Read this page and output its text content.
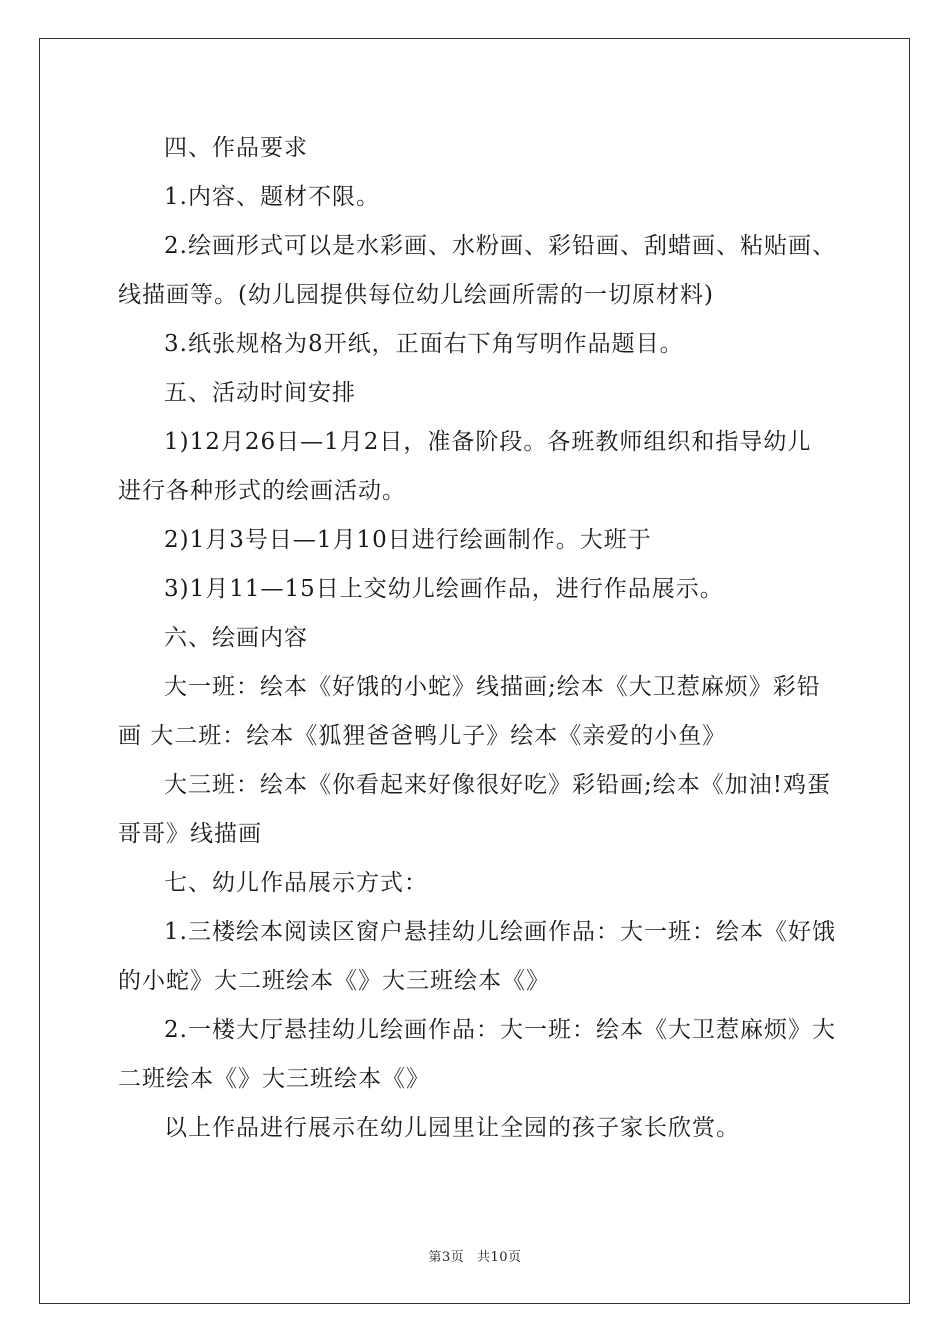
四、作品要求
1.内容、题材不限。
2.绘画形式可以是水彩画、水粉画、彩铅画、刮蜡画、粘贴画、
线描画等。(幼儿园提供每位幼儿绘画所需的一切原材料)
3.纸张规格为8开纸，正面右下角写明作品题目。
五、活动时间安排
1)12月26日—1月2日，准备阶段。各班教师组织和指导幼儿
进行各种形式的绘画活动。
2)1月3号日—1月10日进行绘画制作。大班于
3)1月11—15日上交幼儿绘画作品，进行作品展示。
六、绘画内容
大一班：绘本《好饿的小蛇》线描画;绘本《大卫惹麻烦》彩铅
画 大二班：绘本《狐狸爸爸鸭儿子》绘本《亲爱的小鱼》
大三班：绘本《你看起来好像很好吃》彩铅画;绘本《加油!鸡蛋
哥哥》线描画
七、幼儿作品展示方式：
1.三楼绘本阅读区窗户悬挂幼儿绘画作品：大一班：绘本《好饿
的小蛇》大二班绘本《》大三班绘本《》
2.一楼大厅悬挂幼儿绘画作品：大一班：绘本《大卫惹麻烦》大
二班绘本《》大三班绘本《》
以上作品进行展示在幼儿园里让全园的孩子家长欣赏。
第3页 共10页
